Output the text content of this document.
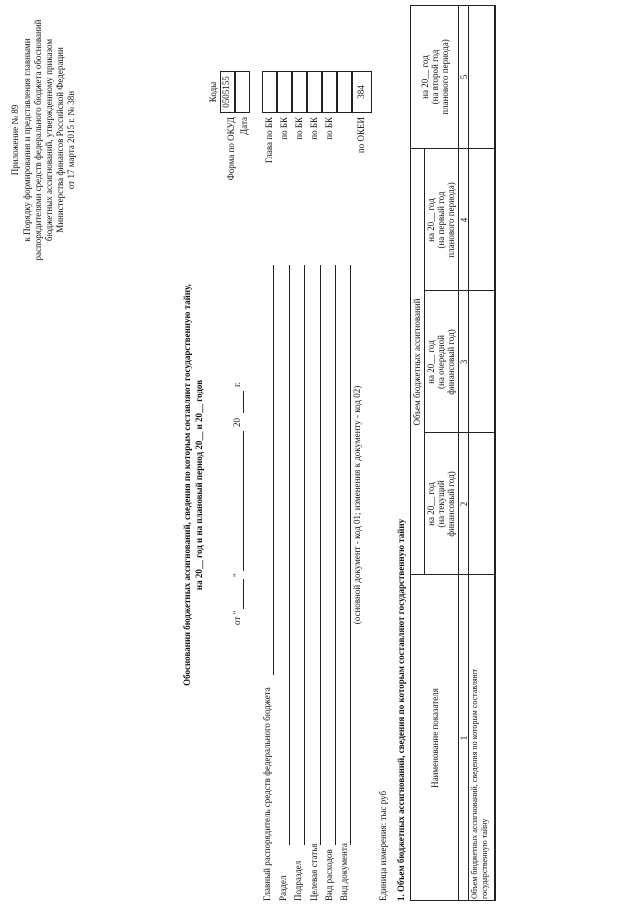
Приложение № 89 к Порядку формирования и представления главными распорядителями средств федерального бюджета обоснований бюджетных ассигнований, утвержденному приказом Министерства финансов Российской Федерации от 17 марта 2015 г. № 38н
Обоснования бюджетных ассигнований, сведения по которым составляют государственную тайну, на 20__ год и на плановый период 20__ и 20__ годов
от "
"
20
г.
Коды 0505155
Форма по ОКУД Дата Глава по БК по БК по БК по БК по БК
384
по ОКЕИ
Главный распорядитель средств федерального бюджета Раздел Подраздел Целевая статья Вид расходов Вид документа
(основной документ - код 01; изменения к документу - код 02)
Единица измерения: тыс руб 1. Объем бюджетных ассигнований, сведения по которым составляют государственную тайну	Наименование показателя
Объем бюджетных ассигнований
на 20__ год (на текущий финансовый год)
на 20__ год (на очередной финансовый год)
на 20__ год (на первый год планового периода)
на 20__ год (на второй год планового периода)
1
2
3
4
5
Объем бюджетных ассигнований, сведения по которым составляют государственную тайну
